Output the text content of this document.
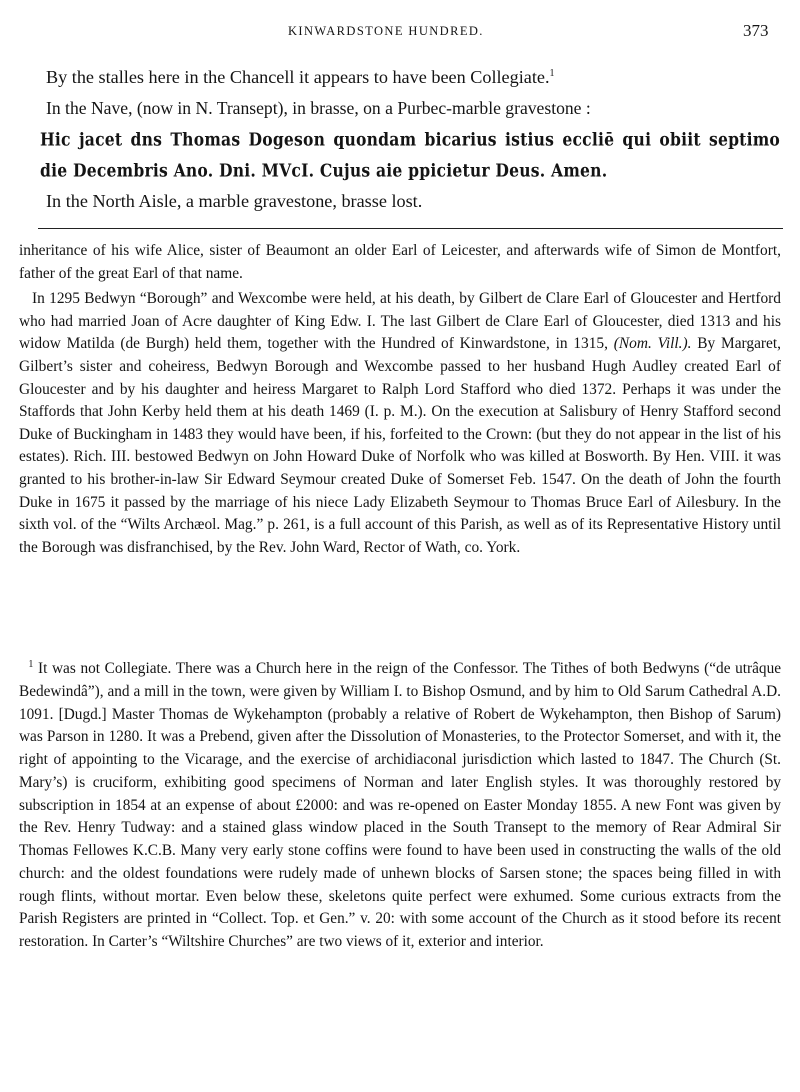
KINWARDSTONE HUNDRED.	373

By the stalles here in the Chancell it appears to have been Collegiate.$^1$

In the Nave, (now in N. Transept), in brasse, on a Purbec-marble gravestone :

Hic jacet dns Thomas Dogeson quondam bicarius istius eccliē qui obiit septimo

die Decembris Ano. Dni. MVcI. Cujus aie ppicietur Deus. Amen.

In the North Aisle, a marble gravestone, brasse lost.

inheritance of his wife Alice, sister of Beaumont an older Earl of Leicester, and afterwards wife of Simon de Montfort, father of the great Earl of that name.

In 1295 Bedwyn “Borough” and Wexcombe were held, at his death, by Gilbert de Clare Earl of Gloucester and Hertford who had married Joan of Acre daughter of King Edw. I. The last Gilbert de Clare Earl of Gloucester, died 1313 and his widow Matilda (de Burgh) held them, together with the Hundred of Kinwardstone, in 1315, (Nom. Vill.). By Margaret, Gilbert’s sister and coheiress, Bedwyn Borough and Wexcombe passed to her husband Hugh Audley created Earl of Gloucester and by his daughter and heiress Margaret to Ralph Lord Stafford who died 1372. Perhaps it was under the Staffords that John Kerby held them at his death 1469 (I. p. M.). On the execution at Salisbury of Henry Stafford second Duke of Buckingham in 1483 they would have been, if his, forfeited to the Crown: (but they do not appear in the list of his estates). Rich. III. bestowed Bedwyn on John Howard Duke of Norfolk who was killed at Bosworth. By Hen. VIII. it was granted to his brother-in-law Sir Edward Seymour created Duke of Somerset Feb. 1547. On the death of John the fourth Duke in 1675 it passed by the marriage of his niece Lady Elizabeth Seymour to Thomas Bruce Earl of Ailesbury. In the sixth vol. of the “Wilts Archæol. Mag.” p. 261, is a full account of this Parish, as well as of its Representative History until the Borough was disfranchised, by the Rev. John Ward, Rector of Wath, co. York.

$^1$ It was not Collegiate. There was a Church here in the reign of the Confessor. The Tithes of both Bedwyns (“de utrâque Bedewindâ”), and a mill in the town, were given by William I. to Bishop Osmund, and by him to Old Sarum Cathedral A.D. 1091. [Dugd.] Master Thomas de Wykehampton (probably a relative of Robert de Wykehampton, then Bishop of Sarum) was Parson in 1280. It was a Prebend, given after the Dissolution of Monasteries, to the Protector Somerset, and with it, the right of appointing to the Vicarage, and the exercise of archidiaconal jurisdiction which lasted to 1847. The Church (St. Mary’s) is cruciform, exhibiting good specimens of Norman and later English styles. It was thoroughly restored by subscription in 1854 at an expense of about £2000: and was re-opened on Easter Monday 1855. A new Font was given by the Rev. Henry Tudway: and a stained glass window placed in the South Transept to the memory of Rear Admiral Sir Thomas Fellowes K.C.B. Many very early stone coffins were found to have been used in constructing the walls of the old church: and the oldest foundations were rudely made of unhewn blocks of Sarsen stone; the spaces being filled in with rough flints, without mortar. Even below these, skeletons quite perfect were exhumed. Some curious extracts from the Parish Registers are printed in “Collect. Top. et Gen.” v. 20: with some account of the Church as it stood before its recent restoration. In Carter’s “Wiltshire Churches” are two views of it, exterior and interior.
